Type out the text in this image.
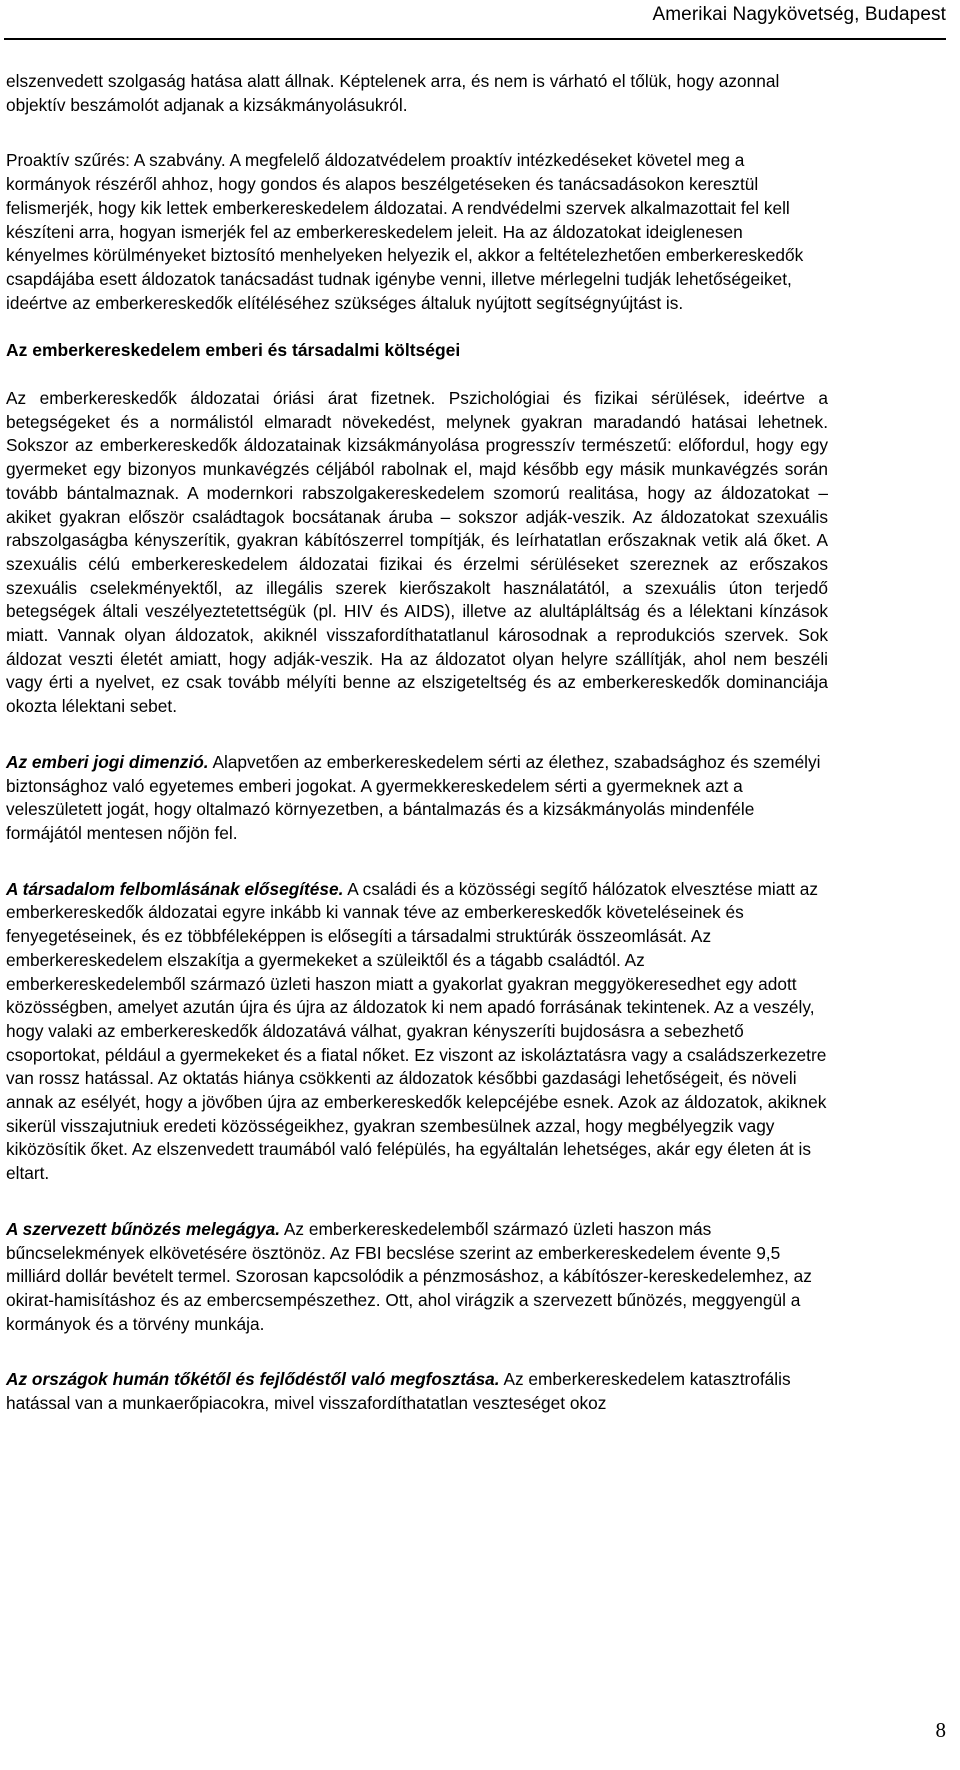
Amerikai Nagykövetség, Budapest

elszenvedett szolgaság hatása alatt állnak. Képtelenek arra, és nem is várható el tőlük, hogy azonnal objektív beszámolót adjanak a kizsákmányolásukról.

Proaktív szűrés: A szabvány. A megfelelő áldozatvédelem proaktív intézkedéseket követel meg a kormányok részéről ahhoz, hogy gondos és alapos beszélgetéseken és tanácsadásokon keresztül felismerjék, hogy kik lettek emberkereskedelem áldozatai. A rendvédelmi szervek alkalmazottait fel kell készíteni arra, hogyan ismerjék fel az emberkereskedelem jeleit. Ha az áldozatokat ideiglenesen kényelmes körülményeket biztosító menhelyeken helyezik el, akkor a feltételezhetően emberkereskedők csapdájába esett áldozatok tanácsadást tudnak igénybe venni, illetve mérlegelni tudják lehetőségeiket, ideértve az emberkereskedők elítéléséhez szükséges általuk nyújtott segítségnyújtást is.

Az emberkereskedelem emberi és társadalmi költségei

Az emberkereskedők áldozatai óriási árat fizetnek. Pszichológiai és fizikai sérülések, ideértve a betegségeket és a normálistól elmaradt növekedést, melynek gyakran maradandó hatásai lehetnek. Sokszor az emberkereskedők áldozatainak kizsákmányolása progresszív természetű: előfordul, hogy egy gyermeket egy bizonyos munkavégzés céljából rabolnak el, majd később egy másik munkavégzés során tovább bántalmaznak. A modernkori rabszolgakereskedelem szomorú realitása, hogy az áldozatokat – akiket gyakran először családtagok bocsátanak áruba – sokszor adják-veszik. Az áldozatokat szexuális rabszolgaságba kényszerítik, gyakran kábítószerrel tompítják, és leírhatatlan erőszaknak vetik alá őket. A szexuális célú emberkereskedelem áldozatai fizikai és érzelmi sérüléseket szereznek az erőszakos szexuális cselekményektől, az illegális szerek kierőszakolt használatától, a szexuális úton terjedő betegségek általi veszélyeztetettségük (pl. HIV és AIDS), illetve az alultápláltság és a lélektani kínzások miatt. Vannak olyan áldozatok, akiknél visszafordíthatatlanul károsodnak a reprodukciós szervek. Sok áldozat veszti életét amiatt, hogy adják-veszik. Ha az áldozatot olyan helyre szállítják, ahol nem beszéli vagy érti a nyelvet, ez csak tovább mélyíti benne az elszigeteltség és az emberkereskedők dominanciája okozta lélektani sebet.

Az emberi jogi dimenzió. Alapvetően az emberkereskedelem sérti az élethez, szabadsághoz és személyi biztonsághoz való egyetemes emberi jogokat. A gyermekkereskedelem sérti a gyermeknek azt a veleszületett jogát, hogy oltalmazó környezetben, a bántalmazás és a kizsákmányolás mindenféle formájától mentesen nőjön fel.

A társadalom felbomlásának elősegítése. A családi és a közösségi segítő hálózatok elvesztése miatt az emberkereskedők áldozatai egyre inkább ki vannak téve az emberkereskedők követeléseinek és fenyegetéseinek, és ez többféleképpen is elősegíti a társadalmi struktúrák összeomlását. Az emberkereskedelem elszakítja a gyermekeket a szüleiktől és a tágabb családtól. Az emberkereskedelemből származó üzleti haszon miatt a gyakorlat gyakran meggyökeresedhet egy adott közösségben, amelyet azután újra és újra az áldozatok ki nem apadó forrásának tekintenek. Az a veszély, hogy valaki az emberkereskedők áldozatává válhat, gyakran kényszeríti bujdosásra a sebezhető csoportokat, például a gyermekeket és a fiatal nőket. Ez viszont az iskoláztatásra vagy a családszerkezetre van rossz hatással. Az oktatás hiánya csökkenti az áldozatok későbbi gazdasági lehetőségeit, és növeli annak az esélyét, hogy a jövőben újra az emberkereskedők kelepcéjébe esnek. Azok az áldozatok, akiknek sikerül visszajutniuk eredeti közösségeikhez, gyakran szembesülnek azzal, hogy megbélyegzik vagy kiközösítik őket. Az elszenvedett traumából való felépülés, ha egyáltalán lehetséges, akár egy életen át is eltart.

A szervezett bűnözés melegágya. Az emberkereskedelemből származó üzleti haszon más bűncselekmények elkövetésére ösztönöz. Az FBI becslése szerint az emberkereskedelem évente 9,5 milliárd dollár bevételt termel. Szorosan kapcsolódik a pénzmosáshoz, a kábítószer-kereskedelemhez, az okirat-hamisításhoz és az embercsempészethez. Ott, ahol virágzik a szervezett bűnözés, meggyengül a kormányok és a törvény munkája.

Az országok humán tőkétől és fejlődéstől való megfosztása. Az emberkereskedelem katasztrofális hatással van a munkaerőpiacokra, mivel visszafordíthatatlan veszteséget okoz

8
